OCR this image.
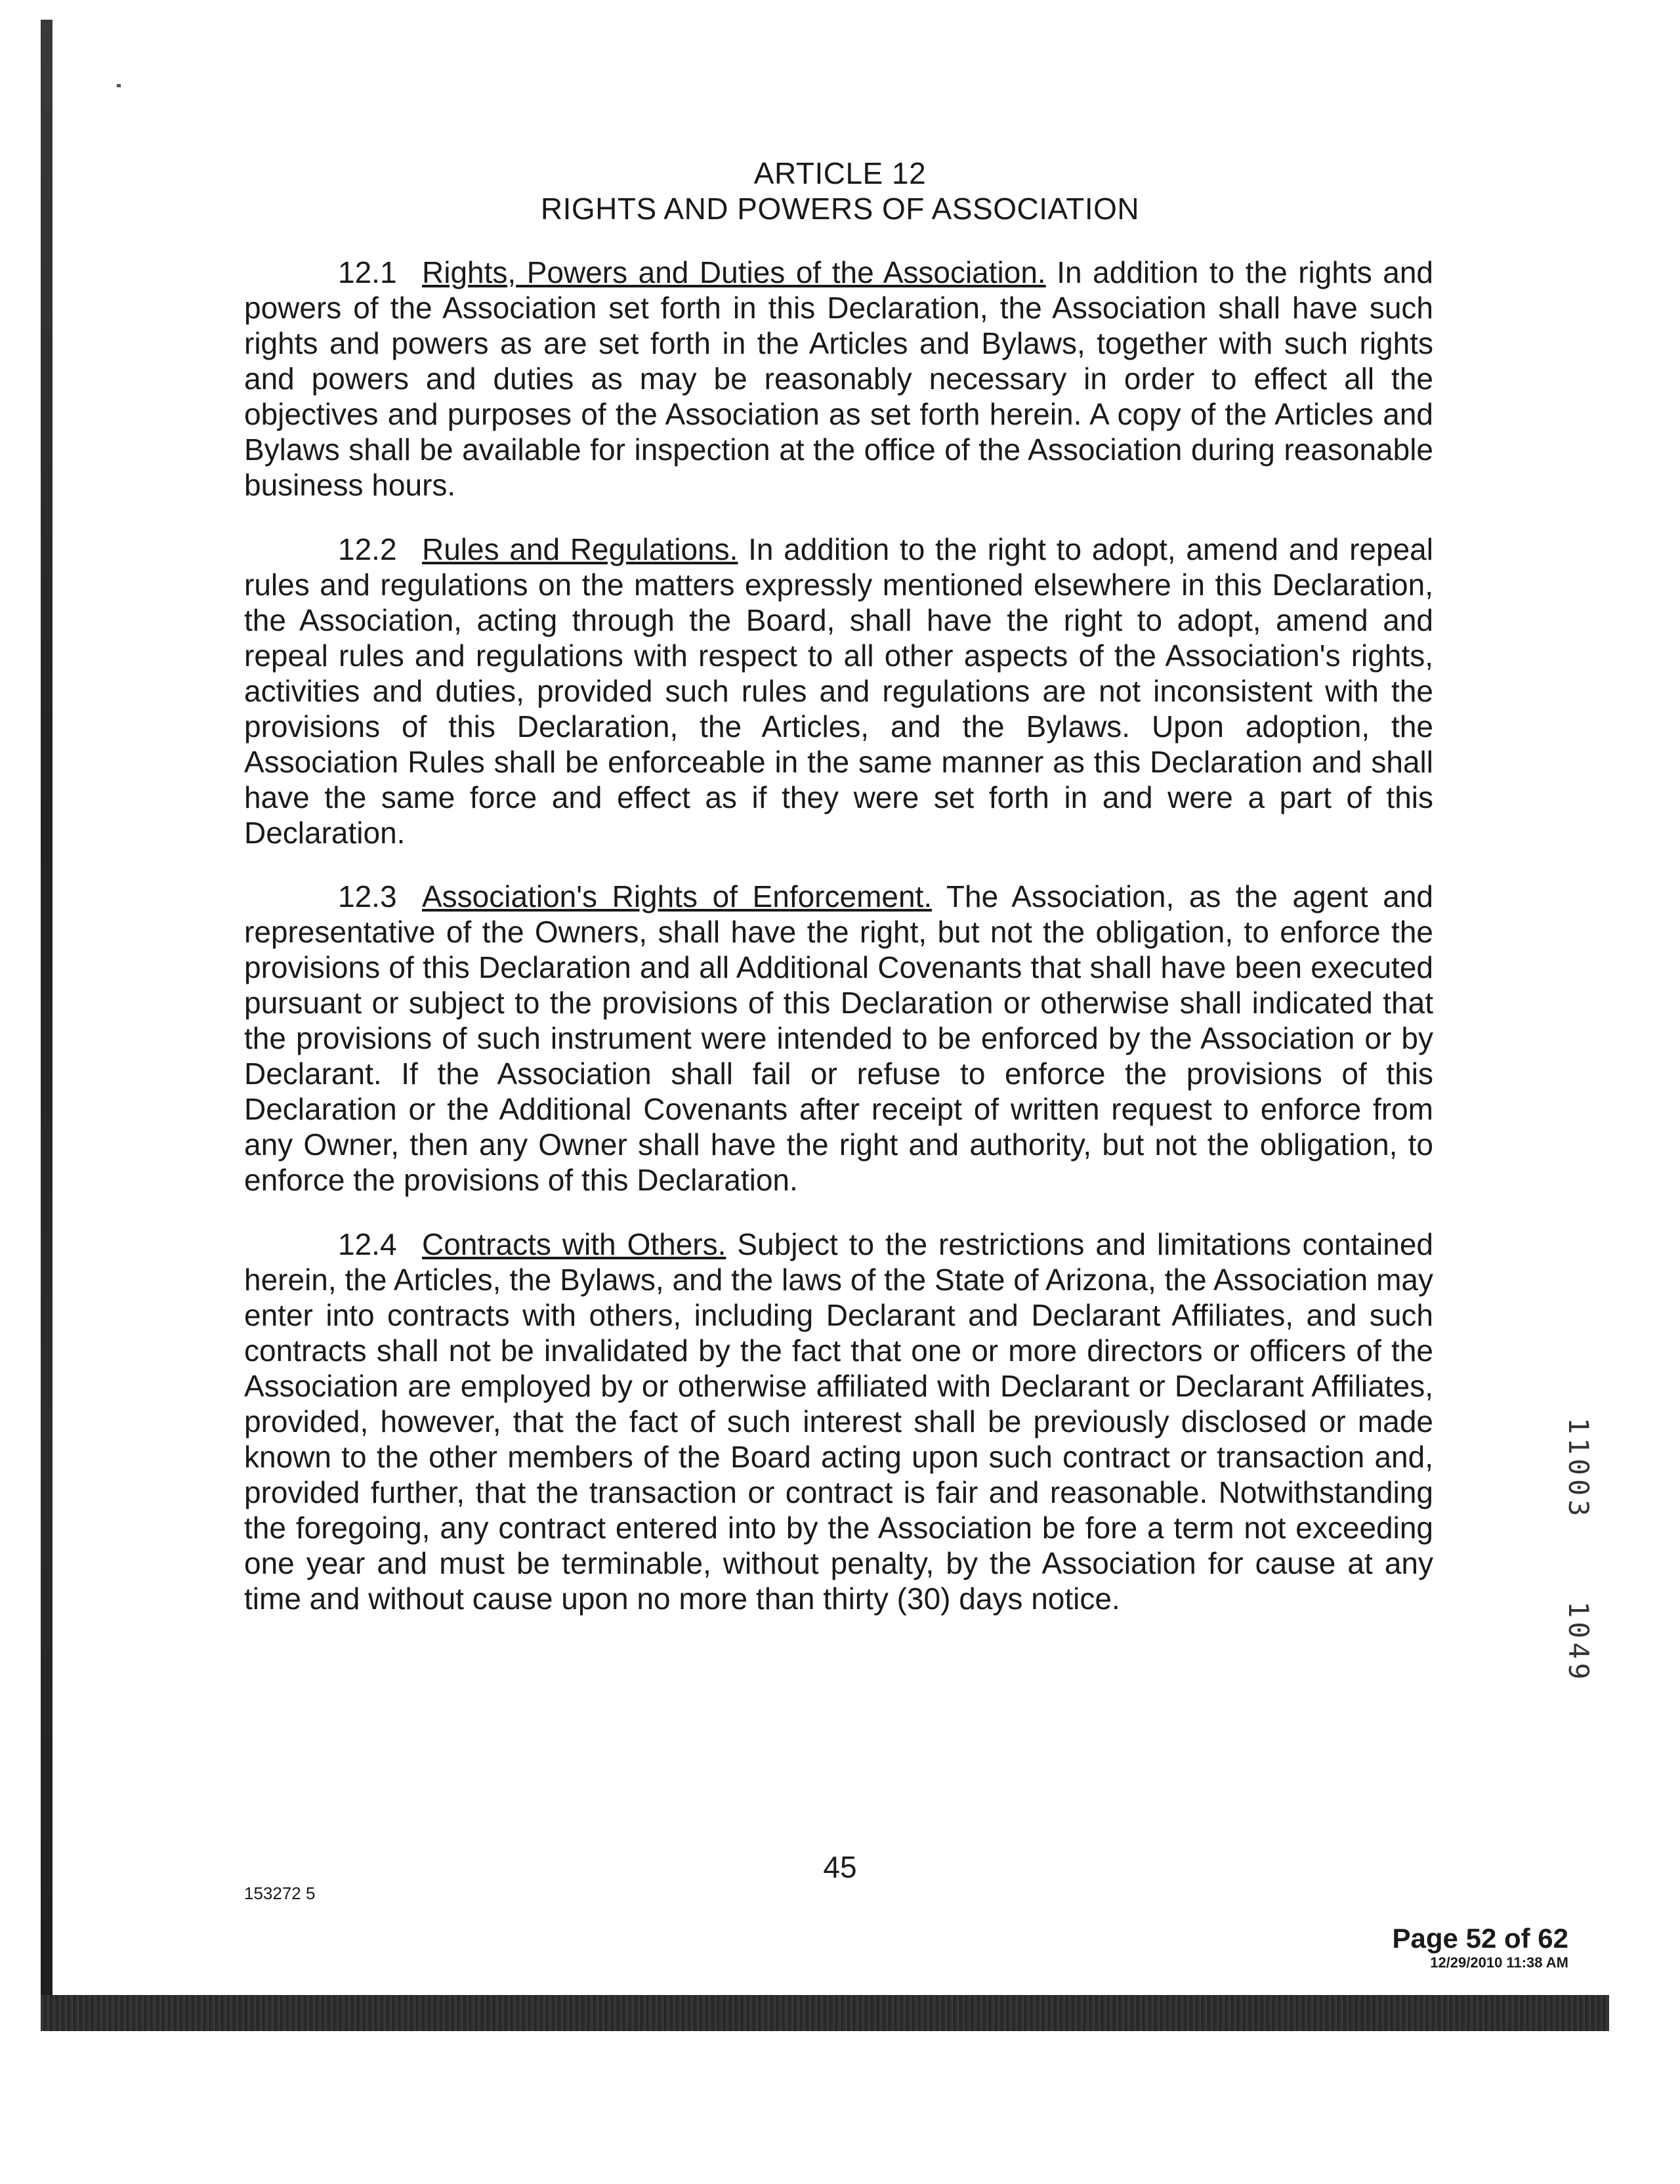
ARTICLE 12
RIGHTS AND POWERS OF ASSOCIATION
12.1 Rights, Powers and Duties of the Association. In addition to the rights and powers of the Association set forth in this Declaration, the Association shall have such rights and powers as are set forth in the Articles and Bylaws, together with such rights and powers and duties as may be reasonably necessary in order to effect all the objectives and purposes of the Association as set forth herein. A copy of the Articles and Bylaws shall be available for inspection at the office of the Association during reasonable business hours.
12.2 Rules and Regulations. In addition to the right to adopt, amend and repeal rules and regulations on the matters expressly mentioned elsewhere in this Declaration, the Association, acting through the Board, shall have the right to adopt, amend and repeal rules and regulations with respect to all other aspects of the Association's rights, activities and duties, provided such rules and regulations are not inconsistent with the provisions of this Declaration, the Articles, and the Bylaws. Upon adoption, the Association Rules shall be enforceable in the same manner as this Declaration and shall have the same force and effect as if they were set forth in and were a part of this Declaration.
12.3 Association's Rights of Enforcement. The Association, as the agent and representative of the Owners, shall have the right, but not the obligation, to enforce the provisions of this Declaration and all Additional Covenants that shall have been executed pursuant or subject to the provisions of this Declaration or otherwise shall indicated that the provisions of such instrument were intended to be enforced by the Association or by Declarant. If the Association shall fail or refuse to enforce the provisions of this Declaration or the Additional Covenants after receipt of written request to enforce from any Owner, then any Owner shall have the right and authority, but not the obligation, to enforce the provisions of this Declaration.
12.4 Contracts with Others. Subject to the restrictions and limitations contained herein, the Articles, the Bylaws, and the laws of the State of Arizona, the Association may enter into contracts with others, including Declarant and Declarant Affiliates, and such contracts shall not be invalidated by the fact that one or more directors or officers of the Association are employed by or otherwise affiliated with Declarant or Declarant Affiliates, provided, however, that the fact of such interest shall be previously disclosed or made known to the other members of the Board acting upon such contract or transaction and, provided further, that the transaction or contract is fair and reasonable. Notwithstanding the foregoing, any contract entered into by the Association be fore a term not exceeding one year and must be terminable, without penalty, by the Association for cause at any time and without cause upon no more than thirty (30) days notice.
11003
1049
45
153272 5
Page 52 of 62
12/29/2010 11:38 AM
